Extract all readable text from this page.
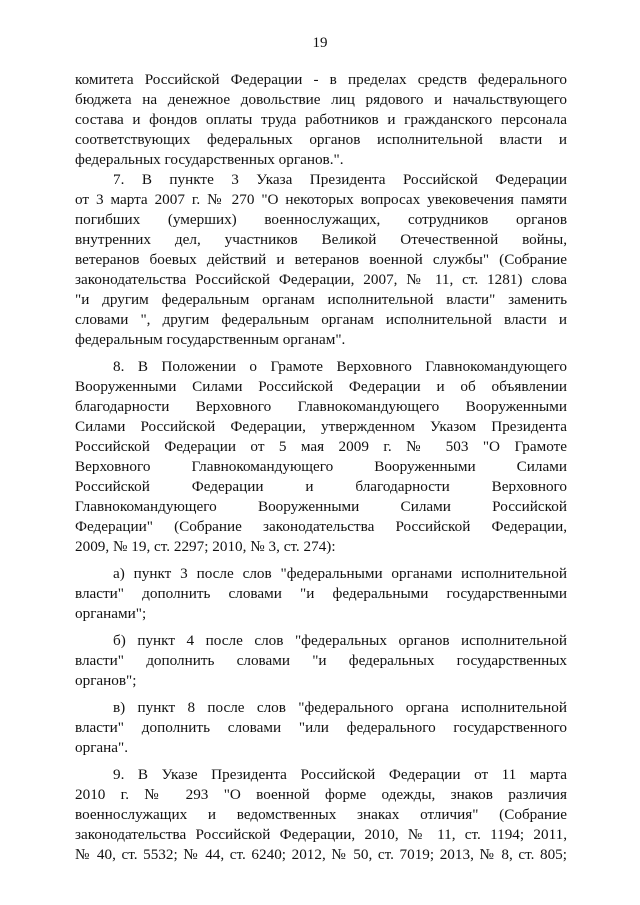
19

комитета Российской Федерации - в пределах средств федерального
бюджета на денежное довольствие лиц рядового и начальствующего
состава и фондов оплаты труда работников и гражданского персонала
соответствующих федеральных органов исполнительной власти и
федеральных государственных органов.".

7. В пункте 3 Указа Президента Российской Федерации
от 3 марта 2007 г. № 270 "О некоторых вопросах увековечения памяти
погибших (умерших) военнослужащих, сотрудников органов
внутренних дел, участников Великой Отечественной войны,
ветеранов боевых действий и ветеранов военной службы" (Собрание
законодательства Российской Федерации, 2007, № 11, ст. 1281) слова
"и другим федеральным органам исполнительной власти" заменить
словами ", другим федеральным органам исполнительной власти и
федеральным государственным органам".

8. В Положении о Грамоте Верховного Главнокомандующего
Вооруженными Силами Российской Федерации и об объявлении
благодарности Верховного Главнокомандующего Вооруженными
Силами Российской Федерации, утвержденном Указом Президента
Российской Федерации от 5 мая 2009 г. № 503 "О Грамоте
Верховного Главнокомандующего Вооруженными Силами
Российской Федерации и благодарности Верховного
Главнокомандующего Вооруженными Силами Российской
Федерации" (Собрание законодательства Российской Федерации,
2009, № 19, ст. 2297; 2010, № 3, ст. 274):

а) пункт 3 после слов "федеральными органами исполнительной
власти" дополнить словами "и федеральными государственными
органами";

б) пункт 4 после слов "федеральных органов исполнительной
власти" дополнить словами "и федеральных государственных
органов";

в) пункт 8 после слов "федерального органа исполнительной
власти" дополнить словами "или федерального государственного
органа".

9. В Указе Президента Российской Федерации от 11 марта
2010 г. № 293 "О военной форме одежды, знаков различия
военнослужащих и ведомственных знаках отличия" (Собрание
законодательства Российской Федерации, 2010, № 11, ст. 1194; 2011,
№ 40, ст. 5532; № 44, ст. 6240; 2012, № 50, ст. 7019; 2013, № 8, ст. 805;
